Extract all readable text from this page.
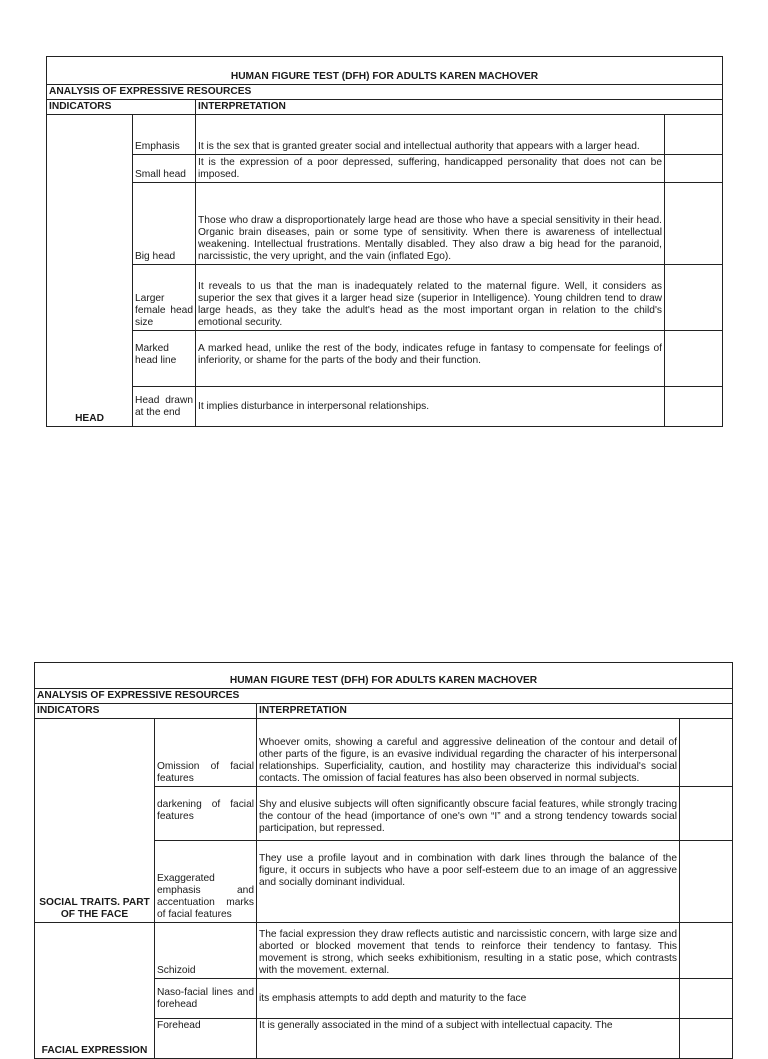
HUMAN FIGURE TEST (DFH) FOR ADULTS KAREN MACHOVER			
ANALYSIS OF EXPRESSIVE RESOURCES			
INDICATORS		INTERPRETATION	
HEAD	Emphasis	It is the sex that is granted greater social and intellectual authority that appears with a larger head.	
	Small head	It is the expression of a poor depressed, suffering, handicapped personality that does not can be imposed.	
	Big head	Those who draw a disproportionately large head are those who have a special sensitivity in their head. Organic brain diseases, pain or some type of sensitivity. When there is awareness of intellectual weakening. Intellectual frustrations. Mentally disabled. They also draw a big head for the paranoid, narcissistic, the very upright, and the vain (inflated Ego).	
	Larger female head size	It reveals to us that the man is inadequately related to the maternal figure. Well, it considers as superior the sex that gives it a larger head size (superior in Intelligence). Young children tend to draw large heads, as they take the adult's head as the most important organ in relation to the child's emotional security.	
	Marked head line	A marked head, unlike the rest of the body, indicates refuge in fantasy to compensate for feelings of inferiority, or shame for the parts of the body and their function.	
	Head drawn at the end	It implies disturbance in interpersonal relationships.	
HUMAN FIGURE TEST (DFH) FOR ADULTS KAREN MACHOVER			
ANALYSIS OF EXPRESSIVE RESOURCES			
INDICATORS		INTERPRETATION	
SOCIAL TRAITS. PART OF THE FACE	Omission of facial features	Whoever omits, showing a careful and aggressive delineation of the contour and detail of other parts of the figure, is an evasive individual regarding the character of his interpersonal relationships. Superficiality, caution, and hostility may characterize this individual's social contacts. The omission of facial features has also been observed in normal subjects.	
	darkening of facial features	Shy and elusive subjects will often significantly obscure facial features, while strongly tracing the contour of the head (importance of one's own “I” and a strong tendency towards social participation, but repressed.	
	Exaggerated emphasis and accentuation marks of facial features	They use a profile layout and in combination with dark lines through the balance of the figure, it occurs in subjects who have a poor self-esteem due to an image of an aggressive and socially dominant individual.	
FACIAL EXPRESSION	Schizoid	The facial expression they draw reflects autistic and narcissistic concern, with large size and aborted or blocked movement that tends to reinforce their tendency to fantasy. This movement is strong, which seeks exhibitionism, resulting in a static pose, which contrasts with the movement. external.	
	Naso-facial lines and forehead	its emphasis attempts to add depth and maturity to the face	
	Forehead	It is generally associated in the mind of a subject with intellectual capacity. The	
